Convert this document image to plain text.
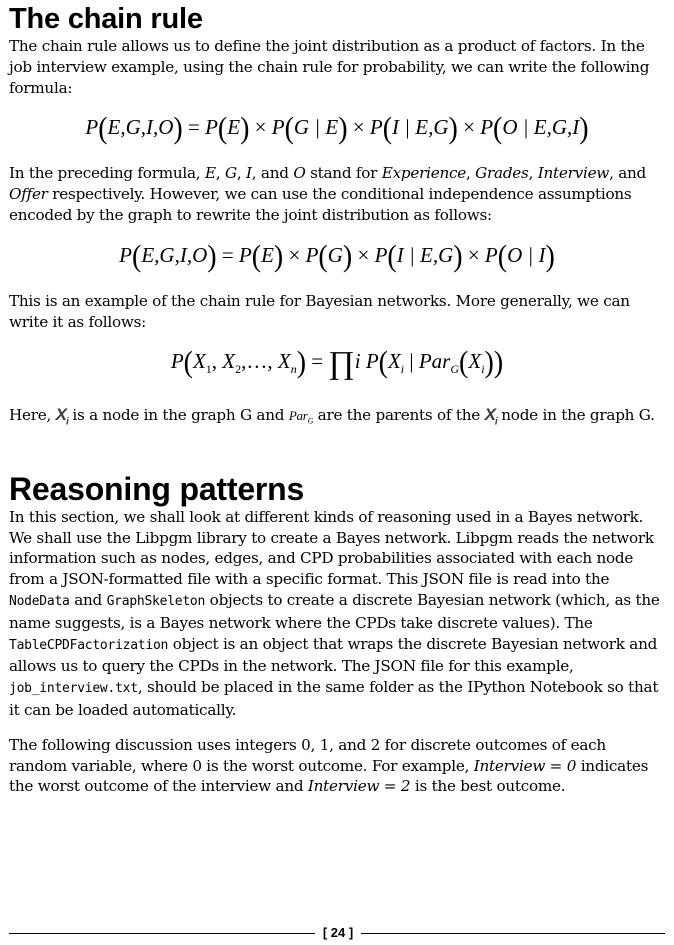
The chain rule

The chain rule allows us to define the joint distribution as a product of factors. In the job interview example, using the chain rule for probability, we can write the following formula:

P(E,G,I,O) = P(E) × P(G | E) × P(I | E,G) × P(O | E,G,I)

In the preceding formula, E, G, I, and O stand for Experience, Grades, Interview, and Offer respectively. However, we can use the conditional independence assumptions encoded by the graph to rewrite the joint distribution as follows:

P(E,G,I,O) = P(E) × P(G) × P(I | E,G) × P(O | I)

This is an example of the chain rule for Bayesian networks. More generally, we can write it as follows:

$P(X_1$, $X_2,\dots$, $X_n$) = ∏i $P(X_i$ | $Par_G(X_i)$)

Here, $X_i$ is a node in the graph G and Par$_G$ are the parents of the $X_i$ node in the graph G.

Reasoning patterns

In this section, we shall look at different kinds of reasoning used in a Bayes network. We shall use the Libpgm library to create a Bayes network. Libpgm reads the network information such as nodes, edges, and CPD probabilities associated with each node from a JSON-formatted file with a specific format. This JSON file is read into the NodeData and GraphSkeleton objects to create a discrete Bayesian network (which, as the name suggests, is a Bayes network where the CPDs take discrete values). The TableCPDFactorization object is an object that wraps the discrete Bayesian network and allows us to query the CPDs in the network. The JSON file for this example, job_interview.txt, should be placed in the same folder as the IPython Notebook so that it can be loaded automatically.

The following discussion uses integers 0, 1, and 2 for discrete outcomes of each random variable, where 0 is the worst outcome. For example, Interview = 0 indicates the worst outcome of the interview and Interview = 2 is the best outcome.

[ 24 ]
